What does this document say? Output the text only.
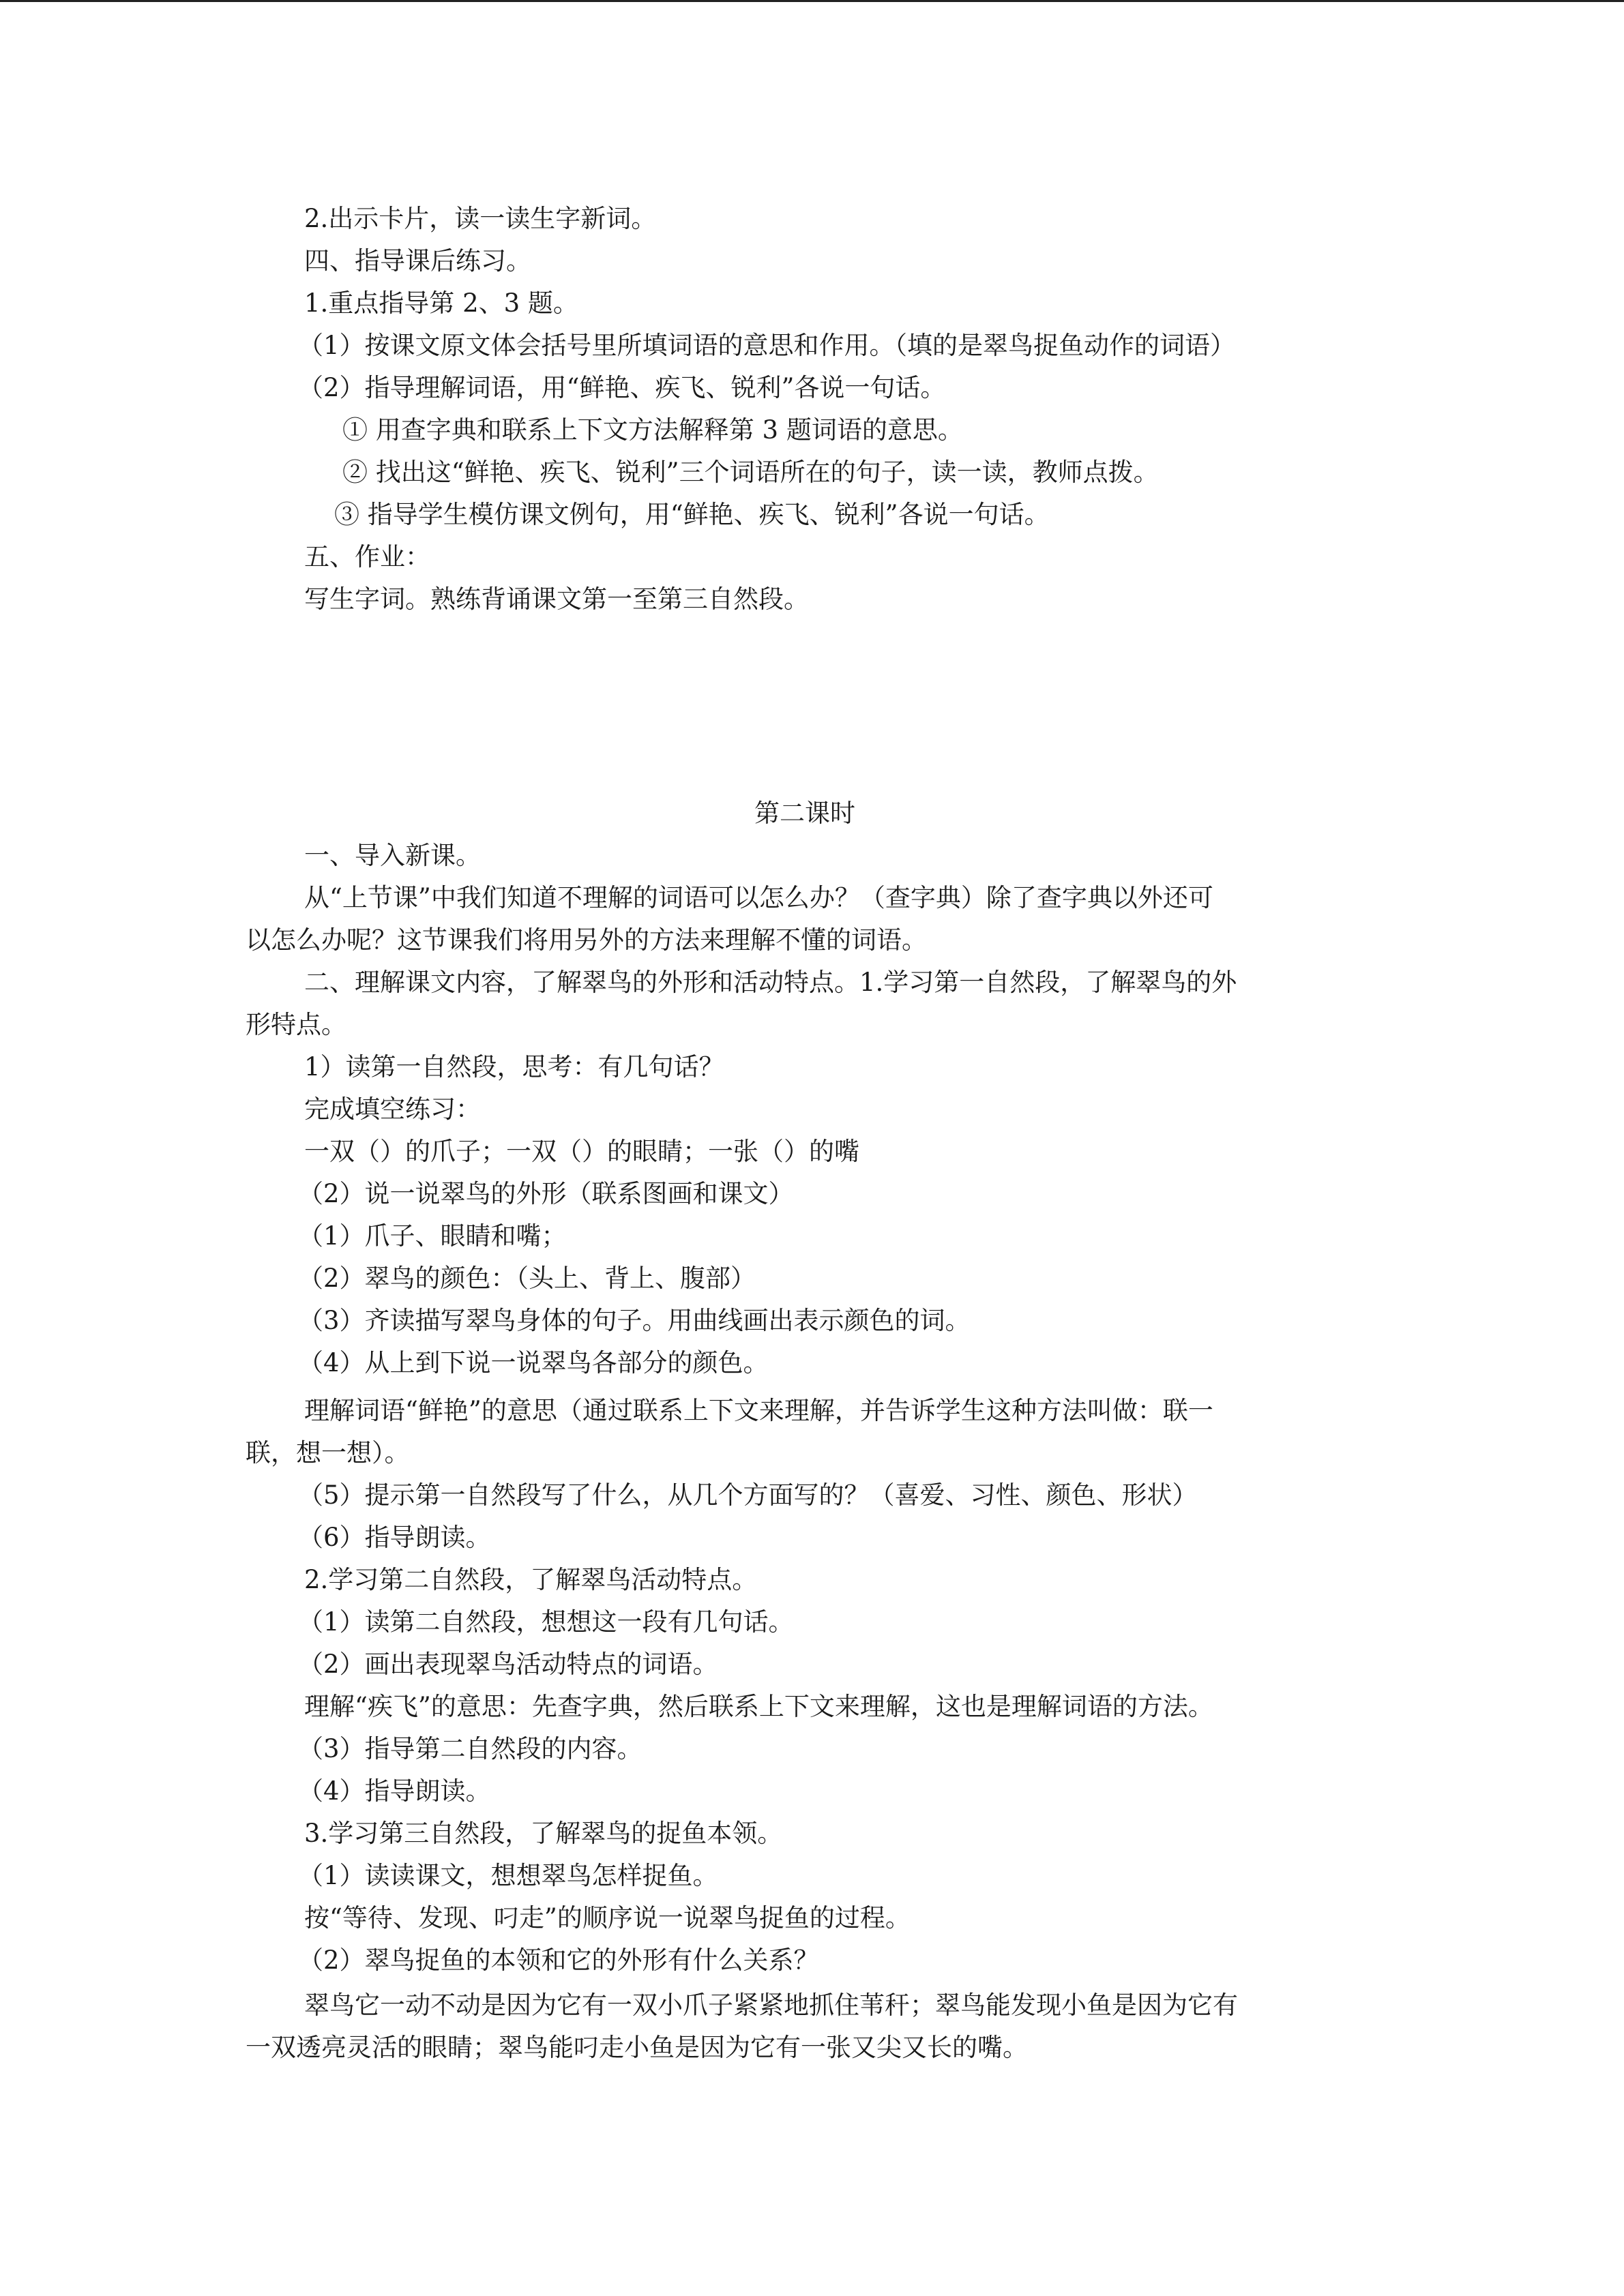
2.出示卡片，读一读生字新词。
四、指导课后练习。
1.重点指导第 2、3 题。
（1）按课文原文体会括号里所填词语的意思和作用。（填的是翠鸟捉鱼动作的词语）
（2）指导理解词语，用“鲜艳、疾飞、锐利”各说一句话。
① 用查字典和联系上下文方法解释第 3 题词语的意思。
② 找出这“鲜艳、疾飞、锐利”三个词语所在的句子，读一读，教师点拨。
③ 指导学生模仿课文例句，用“鲜艳、疾飞、锐利”各说一句话。
五、作业：
写生字词。熟练背诵课文第一至第三自然段。
第二课时
一、导入新课。
从“上节课”中我们知道不理解的词语可以怎么办？（查字典）除了查字典以外还可
以怎么办呢？这节课我们将用另外的方法来理解不懂的词语。
二、理解课文内容，了解翠鸟的外形和活动特点。1.学习第一自然段，了解翠鸟的外
形特点。
1）读第一自然段，思考：有几句话？
完成填空练习：
一双（）的爪子；一双（）的眼睛；一张（）的嘴
（2）说一说翠鸟的外形（联系图画和课文）
（1）爪子、眼睛和嘴；
（2）翠鸟的颜色：（头上、背上、腹部）
（3）齐读描写翠鸟身体的句子。用曲线画出表示颜色的词。
（4）从上到下说一说翠鸟各部分的颜色。
理解词语“鲜艳”的意思（通过联系上下文来理解，并告诉学生这种方法叫做：联一
联，想一想）。
（5）提示第一自然段写了什么，从几个方面写的？（喜爱、习性、颜色、形状）
（6）指导朗读。
2.学习第二自然段，了解翠鸟活动特点。
（1）读第二自然段，想想这一段有几句话。
（2）画出表现翠鸟活动特点的词语。
理解“疾飞”的意思：先查字典，然后联系上下文来理解，这也是理解词语的方法。
（3）指导第二自然段的内容。
（4）指导朗读。
3.学习第三自然段，了解翠鸟的捉鱼本领。
（1）读读课文，想想翠鸟怎样捉鱼。
按“等待、发现、叼走”的顺序说一说翠鸟捉鱼的过程。
（2）翠鸟捉鱼的本领和它的外形有什么关系？
翠鸟它一动不动是因为它有一双小爪子紧紧地抓住苇秆；翠鸟能发现小鱼是因为它有
一双透亮灵活的眼睛；翠鸟能叼走小鱼是因为它有一张又尖又长的嘴。
